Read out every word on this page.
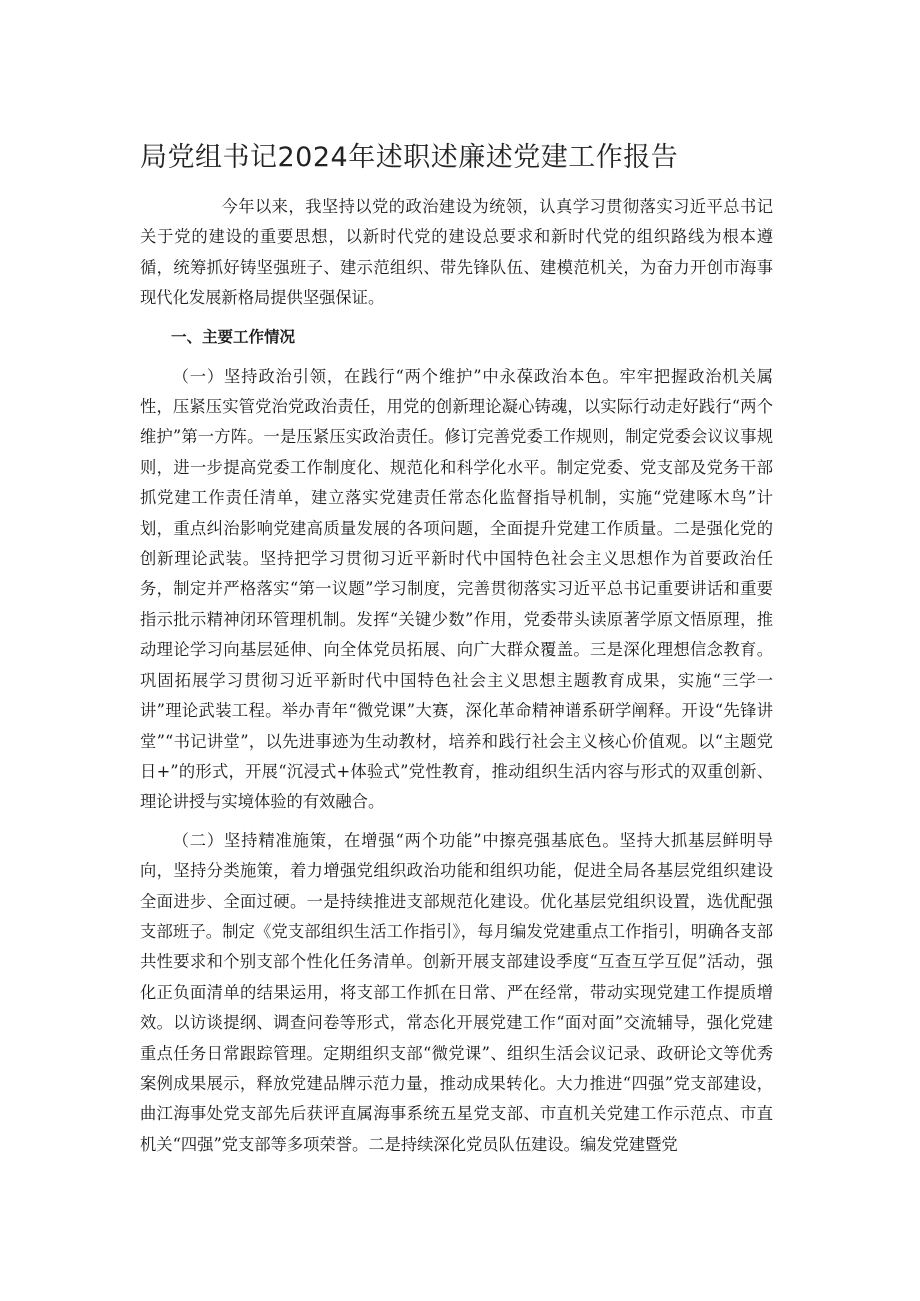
局党组书记2024年述职述廉述党建工作报告

今年以来，我坚持以党的政治建设为统领，认真学习贯彻落实习近平总书记关于党的建设的重要思想，以新时代党的建设总要求和新时代党的组织路线为根本遵循，统筹抓好铸坚强班子、建示范组织、带先锋队伍、建模范机关，为奋力开创市海事现代化发展新格局提供坚强保证。

一、主要工作情况

（一）坚持政治引领，在践行“两个维护”中永葆政治本色。牢牢把握政治机关属性，压紧压实管党治党政治责任，用党的创新理论凝心铸魂，以实际行动走好践行“两个维护”第一方阵。一是压紧压实政治责任。修订完善党委工作规则，制定党委会议议事规则，进一步提高党委工作制度化、规范化和科学化水平。制定党委、党支部及党务干部抓党建工作责任清单，建立落实党建责任常态化监督指导机制，实施“党建啄木鸟”计划，重点纠治影响党建高质量发展的各项问题，全面提升党建工作质量。二是强化党的创新理论武装。坚持把学习贯彻习近平新时代中国特色社会主义思想作为首要政治任务，制定并严格落实“第一议题”学习制度，完善贯彻落实习近平总书记重要讲话和重要指示批示精神闭环管理机制。发挥“关键少数”作用，党委带头读原著学原文悟原理，推动理论学习向基层延伸、向全体党员拓展、向广大群众覆盖。三是深化理想信念教育。巩固拓展学习贯彻习近平新时代中国特色社会主义思想主题教育成果，实施“三学一讲”理论武装工程。举办青年“微党课”大赛，深化革命精神谱系研学阐释。开设“先锋讲堂”“书记讲堂”，以先进事迹为生动教材，培养和践行社会主义核心价值观。以“主题党日+”的形式，开展“沉浸式+体验式”党性教育，推动组织生活内容与形式的双重创新、理论讲授与实境体验的有效融合。

（二）坚持精准施策，在增强“两个功能”中擦亮强基底色。坚持大抓基层鲜明导向，坚持分类施策，着力增强党组织政治功能和组织功能，促进全局各基层党组织建设全面进步、全面过硬。一是持续推进支部规范化建设。优化基层党组织设置，选优配强支部班子。制定《党支部组织生活工作指引》，每月编发党建重点工作指引，明确各支部共性要求和个别支部个性化任务清单。创新开展支部建设季度“互查互学互促”活动，强化正负面清单的结果运用，将支部工作抓在日常、严在经常，带动实现党建工作提质增效。以访谈提纲、调查问卷等形式，常态化开展党建工作“面对面”交流辅导，强化党建重点任务日常跟踪管理。定期组织支部“微党课”、组织生活会议记录、政研论文等优秀案例成果展示，释放党建品牌示范力量，推动成果转化。大力推进“四强”党支部建设，曲江海事处党支部先后获评直属海事系统五星党支部、市直机关党建工作示范点、市直机关“四强”党支部等多项荣誉。二是持续深化党员队伍建设。编发党建暨党
